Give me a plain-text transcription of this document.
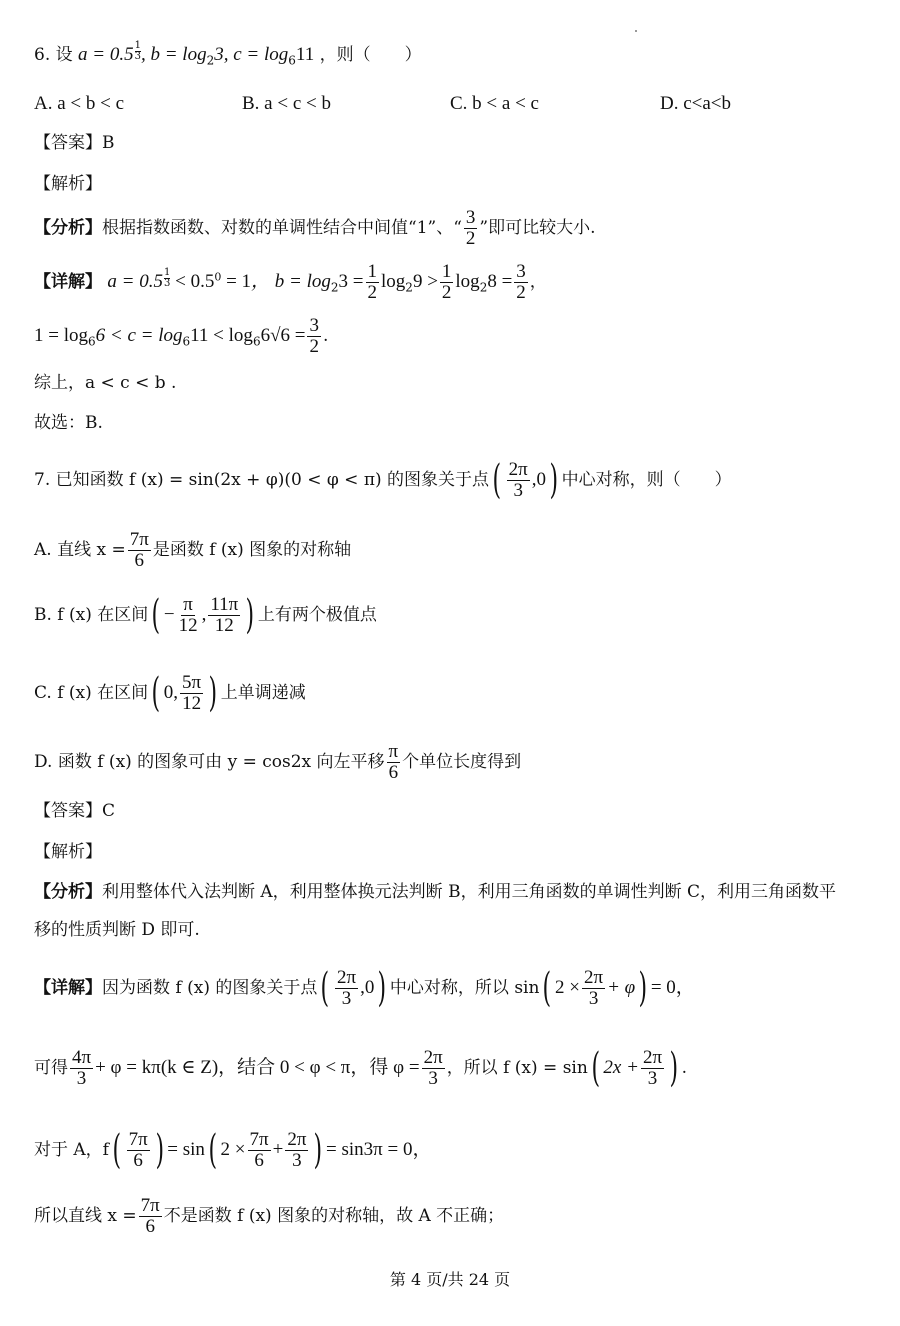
6. 设 $a = 0.5 \frac{1}{3}$ , $b = \log_23$, $c = \log_611$ ，则（　　）
A. a < b < c	B. a < c < b	C. b < a < c	D. c<a<b
【答案】B
【解析】
【分析】根据指数函数、对数的单调性结合中间值“1”、“ $\frac{3}{2}$ ”即可比较大小.
【详解】 $a = 0.5 \frac{1}{3} < 0.5^0 = 1$， $b = \log_23 = \frac{1}{2} \log_29 > \frac{1}{2} \log_28 = \frac{3}{2}$ ，
$1 = \log_66 < c = \log_611 < \log_66√6 = \frac{3}{2}$ .
综上，a < c < b .
故选：B.
7. 已知函数 f (x) = sin(2x + φ)(0 < φ < π) 的图象关于点( $\frac{2\pi}{3} ,0$) 中心对称，则（　　）
A. 直线 $x = \frac{7\pi}{6}$ 是函数 f (x) 图象的对称轴
B. f (x) 在区间( − $\frac{\pi}{12}$ , $\frac{11\pi}{12}$ ) 上有两个极值点
C. f (x) 在区间( 0, $\frac{5\pi}{12}$ ) 上单调递减
D. 函数 f (x) 的图象可由 y = cos2x 向左平移 $\frac{\pi}{6}$ 个单位长度得到
【答案】C
【解析】
【分析】利用整体代入法判断 A，利用整体换元法判断 B，利用三角函数的单调性判断 C，利用三角函数平
移的性质判断 D 即可.
【详解】因为函数 f (x) 的图象关于点( $\frac{2\pi}{3} ,0$) 中心对称，所以 sin( $2 \times \frac{2\pi}{3} + \varphi) = 0$，
可得 $\frac{4\pi}{3} + \varphi = k\pi(k$ ∈ Z)，结合 0 < φ < π，得 $\varphi = \frac{2\pi}{3}$ ，所以 f (x) = sin( $2x + \frac{2\pi}{3}$ ) .
对于 A，$f( \frac{7\pi}{6}$ ) = sin( $2 \times \frac{7\pi}{6} + \frac{2\pi}{3}$ ) = sin3π = 0，
所以直线 $x = \frac{7\pi}{6}$ 不是函数 f (x) 图象的对称轴，故 A 不正确；
第 4 页/共 24 页
